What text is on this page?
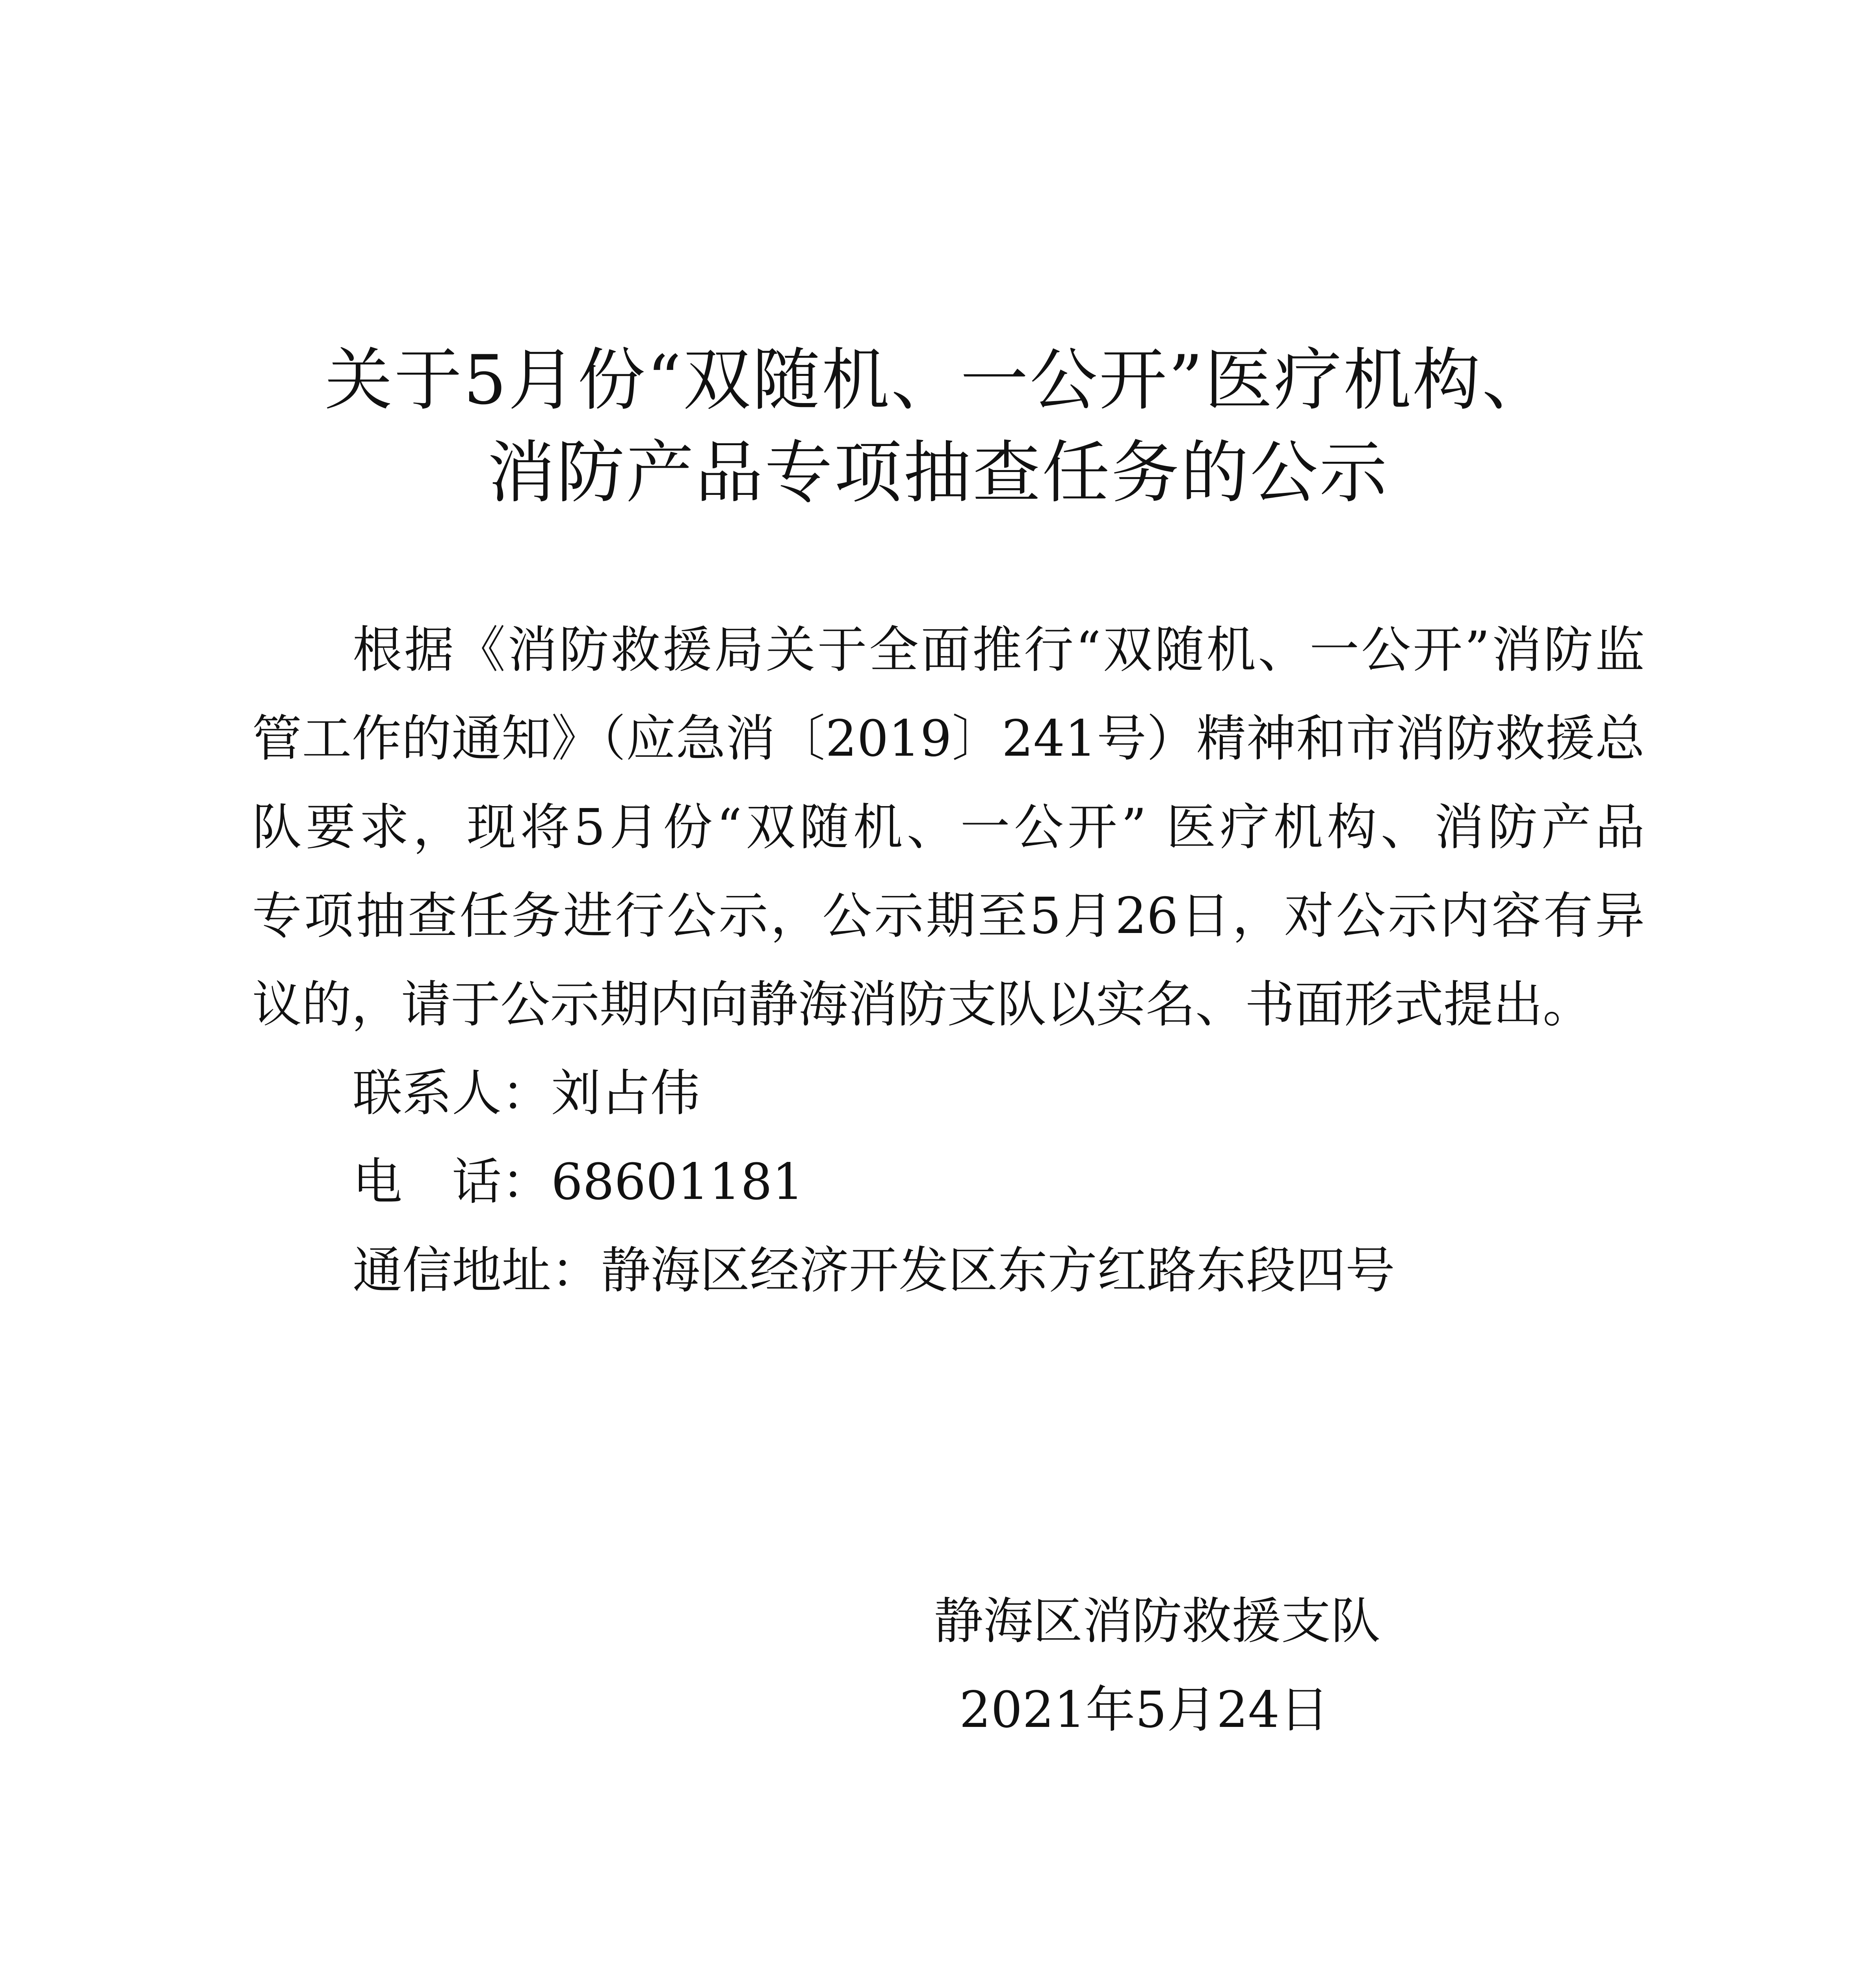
关于5月份“双随机、一公开”医疗机构、
消防产品专项抽查任务的公示
根据《消防救援局关于全面推行“双随机、一公开”消防监
管工作的通知》（应急消〔2019〕241号）精神和市消防救援总
队要求，现将5月份“双随机、一公开” 医疗机构、消防产品
专项抽查任务进行公示，公示期至5月26日，对公示内容有异
议的，请于公示期内向静海消防支队以实名、书面形式提出。
联系人：刘占伟
电　话：68601181
通信地址：静海区经济开发区东方红路东段四号
静海区消防救援支队
2021年5月24日
